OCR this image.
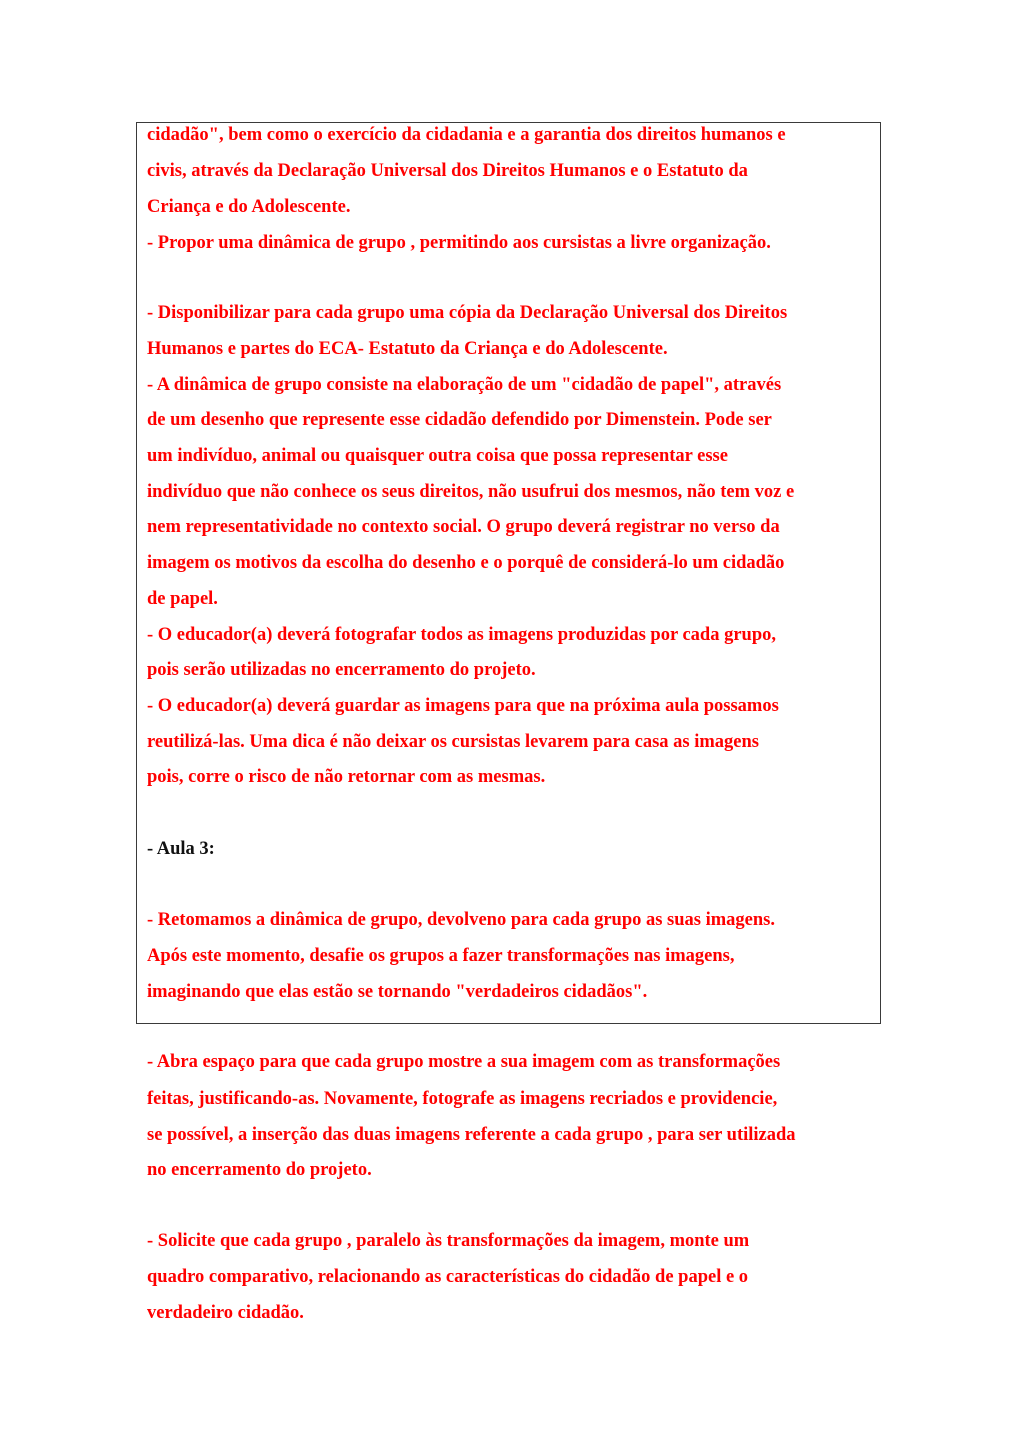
cidadão", bem como o exercício da cidadania e a garantia dos direitos humanos e
civis, através da Declaração Universal dos Direitos Humanos e o Estatuto da
Criança e do Adolescente.
- Propor uma dinâmica de grupo , permitindo aos cursistas a livre organização.
- Disponibilizar para cada grupo uma cópia da Declaração Universal dos Direitos
Humanos e partes do ECA- Estatuto da Criança e do Adolescente.
- A dinâmica de grupo consiste na elaboração de um "cidadão de papel", através
de um desenho que represente esse cidadão defendido por Dimenstein. Pode ser
um indivíduo, animal ou quaisquer outra coisa que possa representar esse
indivíduo que não conhece os seus direitos, não usufrui dos mesmos, não tem voz e
nem representatividade no contexto social. O grupo deverá registrar no verso da
imagem os motivos da escolha do desenho e o porquê de considerá-lo um cidadão
de papel.
- O educador(a) deverá fotografar todos as imagens produzidas por cada grupo,
pois serão utilizadas no encerramento do projeto.
- O educador(a) deverá guardar as imagens para que na próxima aula possamos
reutilizá-las. Uma dica é não deixar os cursistas levarem para casa as imagens
pois, corre o risco de não retornar com as mesmas.
- Aula 3:
- Retomamos a dinâmica de grupo, devolveno para cada grupo as suas imagens.
Após este momento, desafie os grupos a fazer transformações nas imagens,
imaginando que elas estão se tornando "verdadeiros cidadãos".
- Abra espaço para que cada grupo mostre a sua imagem com as transformações
feitas, justificando-as. Novamente, fotografe as imagens recriados e providencie,
se possível, a inserção das duas imagens referente a cada grupo , para ser utilizada
no encerramento do projeto.
- Solicite que cada grupo , paralelo às transformações da imagem, monte um
quadro comparativo, relacionando as características do cidadão de papel e o
verdadeiro cidadão.
